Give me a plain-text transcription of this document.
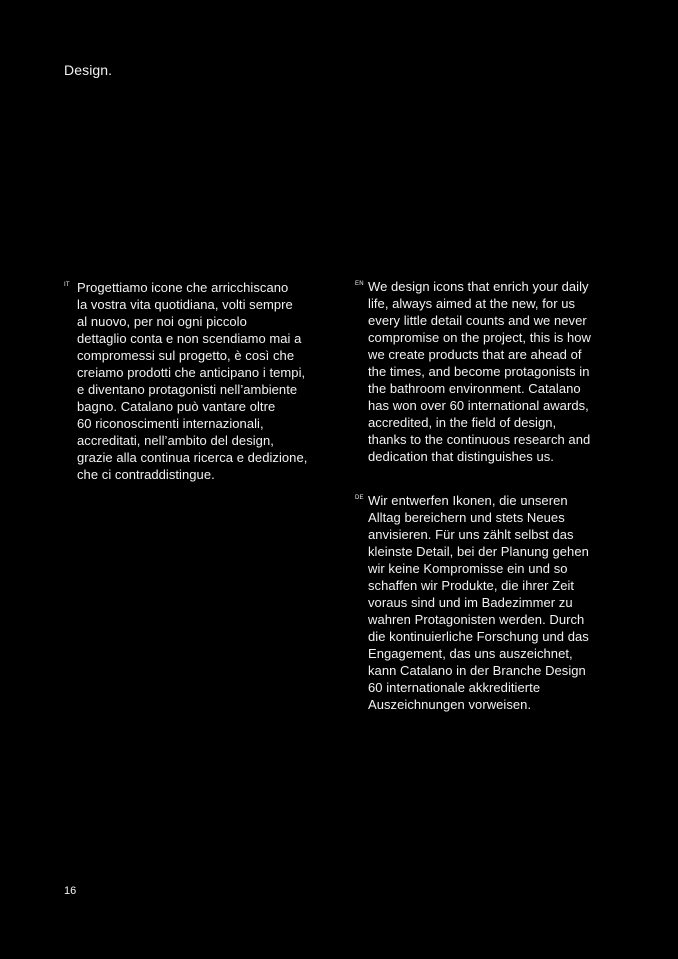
Design.
IT Progettiamo icone che arricchiscano
la vostra vita quotidiana, volti sempre
al nuovo, per noi ogni piccolo
dettaglio conta e non scendiamo mai a
compromessi sul progetto, è così che
creiamo prodotti che anticipano i tempi,
e diventano protagonisti nell’ambiente
bagno. Catalano può vantare oltre
60 riconoscimenti internazionali,
accreditati, nell’ambito del design,
grazie alla continua ricerca e dedizione,
che ci contraddistingue.
EN We design icons that enrich your daily
life, always aimed at the new, for us
every little detail counts and we never
compromise on the project, this is how
we create products that are ahead of
the times, and become protagonists in
the bathroom environment. Catalano
has won over 60 international awards,
accredited, in the field of design,
thanks to the continuous research and
dedication that distinguishes us.
DE Wir entwerfen Ikonen, die unseren
Alltag bereichern und stets Neues
anvisieren. Für uns zählt selbst das
kleinste Detail, bei der Planung gehen
wir keine Kompromisse ein und so
schaffen wir Produkte, die ihrer Zeit
voraus sind und im Badezimmer zu
wahren Protagonisten werden. Durch
die kontinuierliche Forschung und das
Engagement, das uns auszeichnet,
kann Catalano in der Branche Design
60 internationale akkreditierte
Auszeichnungen vorweisen.
16
